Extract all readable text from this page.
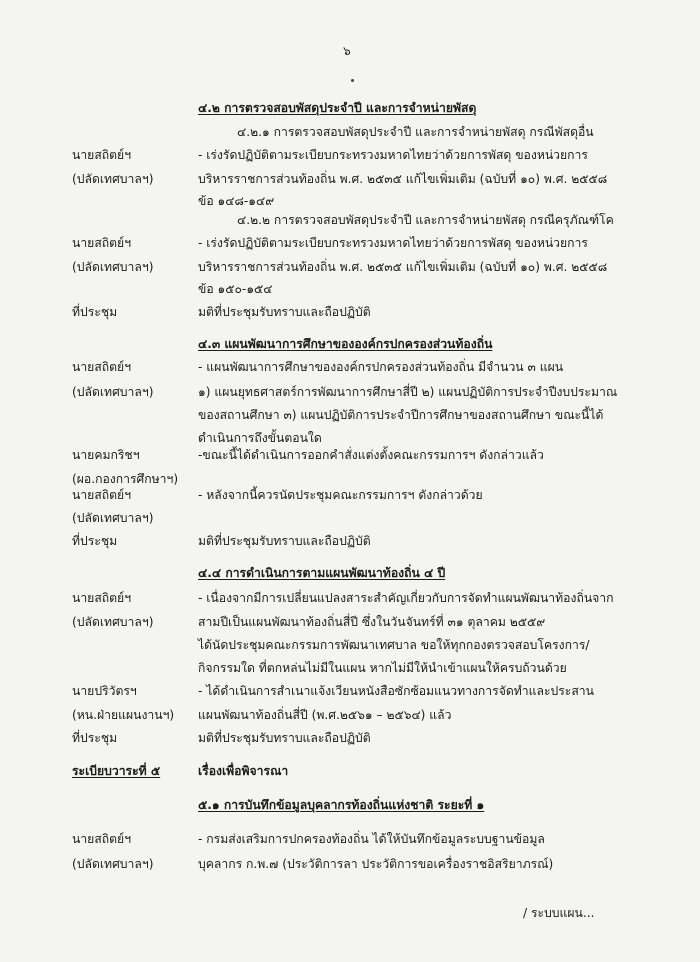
๖
๔.๒ การตรวจสอบพัสดุประจำปี และการจำหน่ายพัสดุ
๔.๒.๑ การตรวจสอบพัสดุประจำปี และการจำหน่ายพัสดุ กรณีพัสดุอื่น
นายสถิตย์ฯ
(ปลัดเทศบาลฯ)
- เร่งรัดปฏิบัติตามระเบียบกระทรวงมหาดไทยว่าด้วยการพัสดุ ของหน่วยการ
บริหารราชการส่วนท้องถิ่น พ.ศ. ๒๕๓๕ แก้ไขเพิ่มเติม (ฉบับที่ ๑๐) พ.ศ. ๒๕๕๘
ข้อ ๑๔๘-๑๔๙
๔.๒.๒ การตรวจสอบพัสดุประจำปี และการจำหน่ายพัสดุ กรณีครุภัณฑ์โค
นายสถิตย์ฯ
(ปลัดเทศบาลฯ)
- เร่งรัดปฏิบัติตามระเบียบกระทรวงมหาดไทยว่าด้วยการพัสดุ ของหน่วยการ
บริหารราชการส่วนท้องถิ่น พ.ศ. ๒๕๓๕ แก้ไขเพิ่มเติม (ฉบับที่ ๑๐) พ.ศ. ๒๕๕๘
ข้อ ๑๕๐-๑๕๔
ที่ประชุม	มติที่ประชุมรับทราบและถือปฏิบัติ
๔.๓ แผนพัฒนาการศึกษาขององค์กรปกครองส่วนท้องถิ่น
นายสถิตย์ฯ
(ปลัดเทศบาลฯ)
- แผนพัฒนาการศึกษาขององค์กรปกครองส่วนท้องถิ่น มีจำนวน ๓ แผน
๑) แผนยุทธศาสตร์การพัฒนาการศึกษาสี่ปี ๒) แผนปฏิบัติการประจำปีงบประมาณ
ของสถานศึกษา ๓) แผนปฏิบัติการประจำปีการศึกษาของสถานศึกษา ขณะนี้ได้
ดำเนินการถึงขั้นตอนใด
นายคมกริชฯ
(ผอ.กองการศึกษาฯ)
-ขณะนี้ได้ดำเนินการออกคำสั่งแต่งตั้งคณะกรรมการฯ ดังกล่าวแล้ว
นายสถิตย์ฯ
(ปลัดเทศบาลฯ)
- หลังจากนี้ควรนัดประชุมคณะกรรมการฯ ดังกล่าวด้วย
ที่ประชุม	มติที่ประชุมรับทราบและถือปฏิบัติ
๔.๔ การดำเนินการตามแผนพัฒนาท้องถิ่น ๔ ปี
นายสถิตย์ฯ
(ปลัดเทศบาลฯ)
- เนื่องจากมีการเปลี่ยนแปลงสาระสำคัญเกี่ยวกับการจัดทำแผนพัฒนาท้องถิ่นจาก
สามปีเป็นแผนพัฒนาท้องถิ่นสี่ปี ซึ่งในวันจันทร์ที่ ๓๑ ตุลาคม ๒๕๕๙
ได้นัดประชุมคณะกรรมการพัฒนาเทศบาล ขอให้ทุกกองตรวจสอบโครงการ/
กิจกรรมใด ที่ตกหล่นไม่มีในแผน หากไม่มีให้นำเข้าแผนให้ครบถ้วนด้วย
นายปริวัตรฯ
(หน.ฝ่ายแผนงานฯ)
- ได้ดำเนินการสำเนาแจ้งเวียนหนังสือซักซ้อมแนวทางการจัดทำและประสาน
แผนพัฒนาท้องถิ่นสี่ปี (พ.ศ.๒๕๖๑ – ๒๕๖๔) แล้ว
ที่ประชุม	มติที่ประชุมรับทราบและถือปฏิบัติ
ระเบียบวาระที่ ๕	เรื่องเพื่อพิจารณา
๕.๑ การบันทึกข้อมูลบุคลากรท้องถิ่นแห่งชาติ ระยะที่ ๑
นายสถิตย์ฯ
(ปลัดเทศบาลฯ)
- กรมส่งเสริมการปกครองท้องถิ่น ได้ให้บันทึกข้อมูลระบบฐานข้อมูล
บุคลากร ก.พ.๗ (ประวัติการลา ประวัติการขอเครื่องราชอิสริยาภรณ์)
/ ระบบแผน...
